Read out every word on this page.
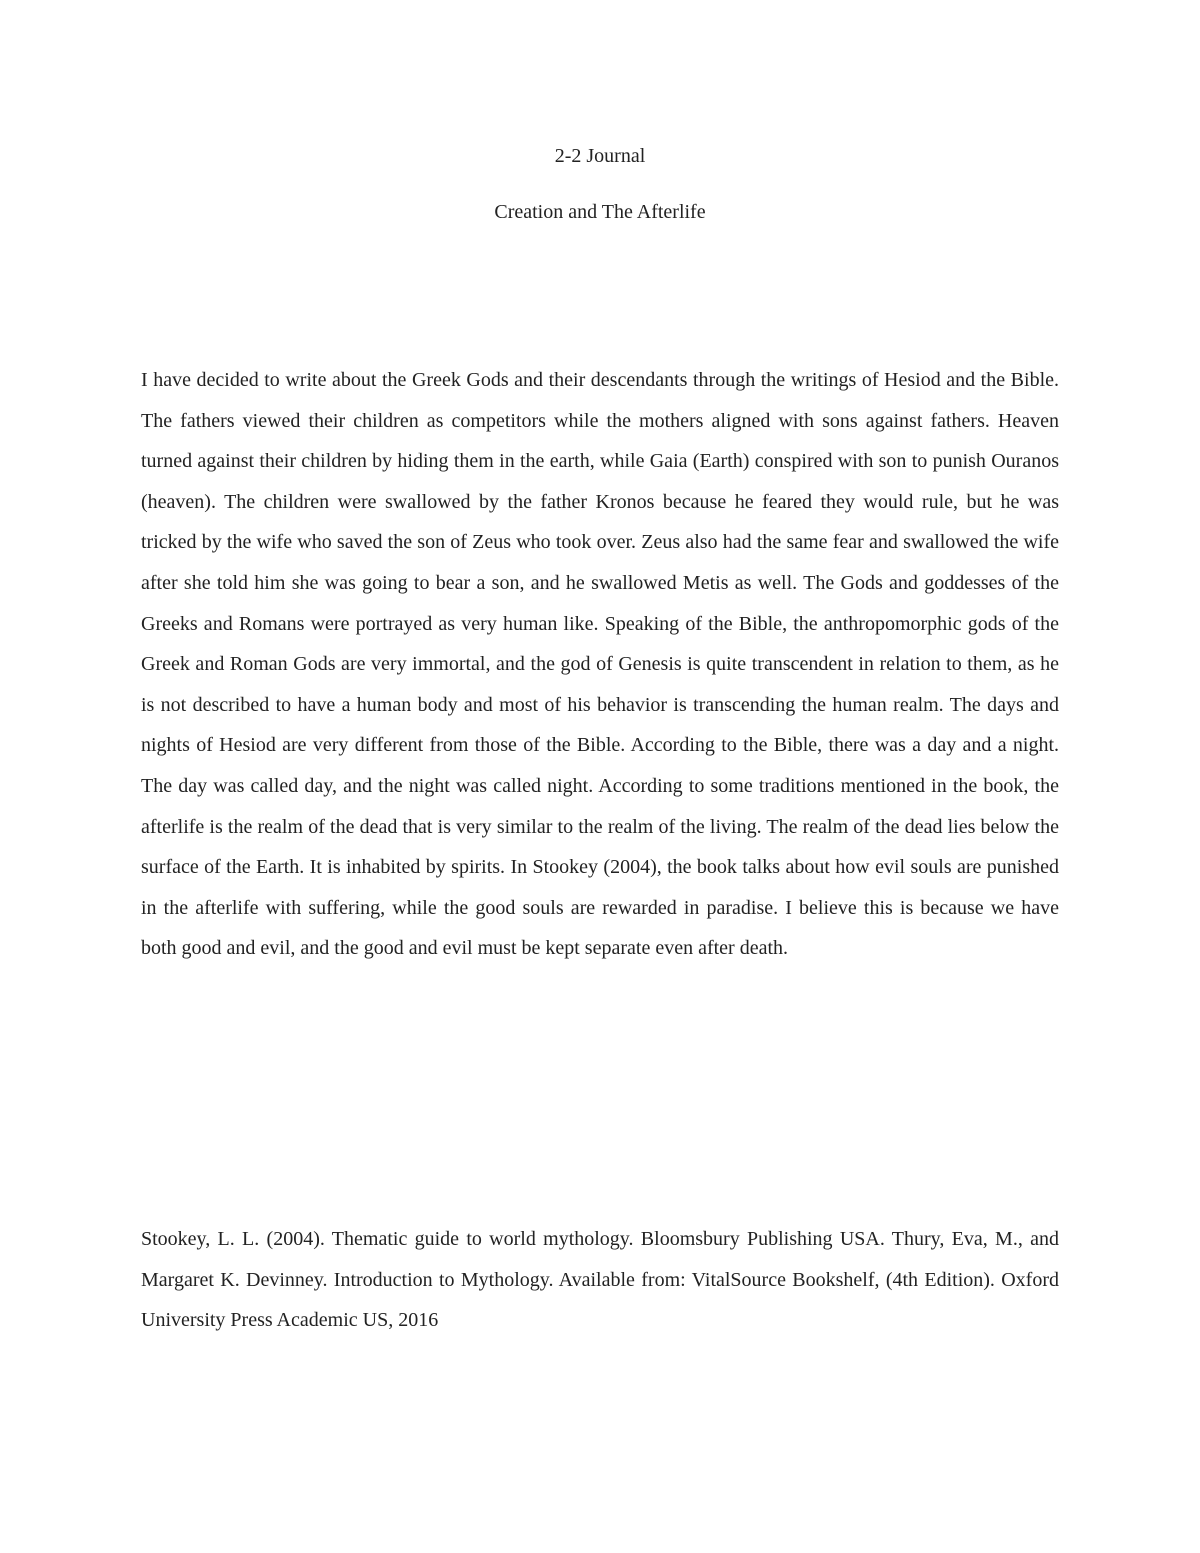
2-2 Journal
Creation and The Afterlife

I have decided to write about the Greek Gods and their descendants through the writings of Hesiod and the Bible. The fathers viewed their children as competitors while the mothers aligned with sons against fathers. Heaven turned against their children by hiding them in the earth, while Gaia (Earth) conspired with son to punish Ouranos (heaven). The children were swallowed by the father Kronos because he feared they would rule, but he was tricked by the wife who saved the son of Zeus who took over. Zeus also had the same fear and swallowed the wife after she told him she was going to bear a son, and he swallowed Metis as well. The Gods and goddesses of the Greeks and Romans were portrayed as very human like. Speaking of the Bible, the anthropomorphic gods of the Greek and Roman Gods are very immortal, and the god of Genesis is quite transcendent in relation to them, as he is not described to have a human body and most of his behavior is transcending the human realm. The days and nights of Hesiod are very different from those of the Bible. According to the Bible, there was a day and a night. The day was called day, and the night was called night. According to some traditions mentioned in the book, the afterlife is the realm of the dead that is very similar to the realm of the living. The realm of the dead lies below the surface of the Earth. It is inhabited by spirits. In Stookey (2004), the book talks about how evil souls are punished in the afterlife with suffering, while the good souls are rewarded in paradise. I believe this is because we have both good and evil, and the good and evil must be kept separate even after death.

Stookey, L. L. (2004). Thematic guide to world mythology. Bloomsbury Publishing USA. Thury, Eva, M., and Margaret K. Devinney. Introduction to Mythology. Available from: VitalSource Bookshelf, (4th Edition). Oxford University Press Academic US, 2016
